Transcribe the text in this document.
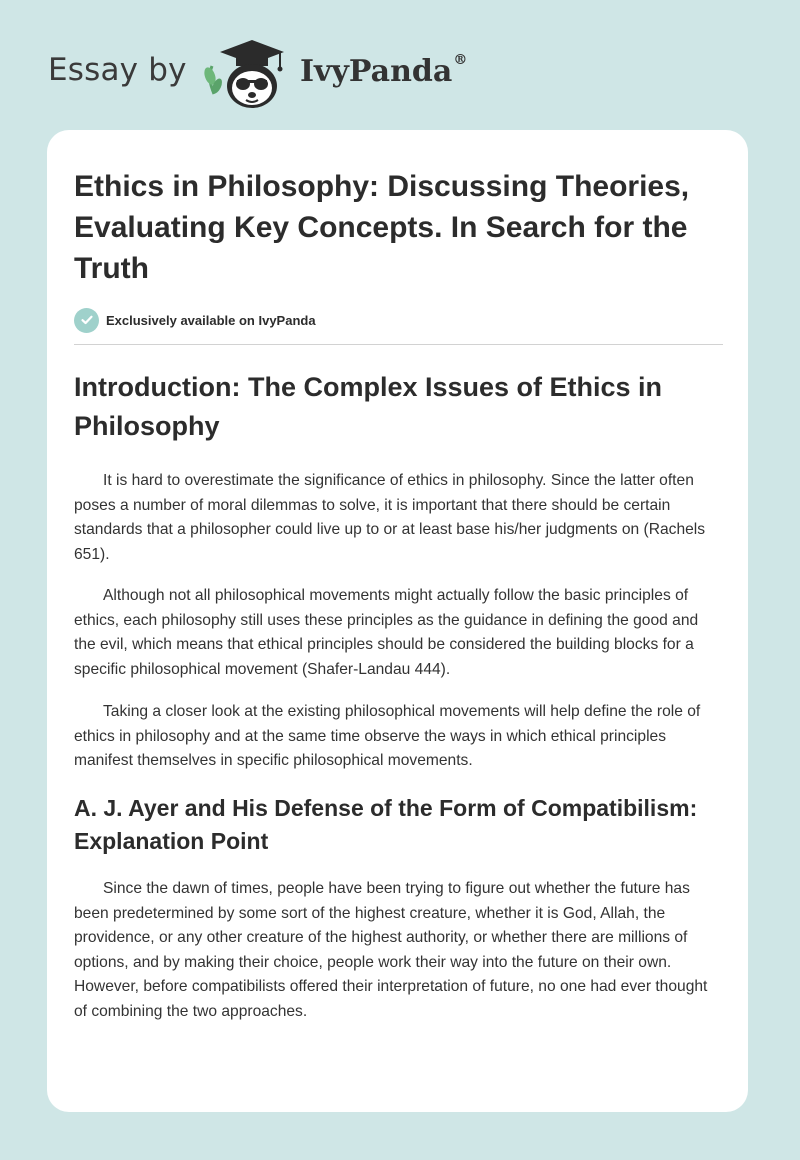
Essay by	IvyPanda®
Ethics in Philosophy: Discussing Theories, Evaluating Key Concepts. In Search for the Truth
Exclusively available on IvyPanda
Introduction: The Complex Issues of Ethics in Philosophy

It is hard to overestimate the significance of ethics in philosophy. Since the latter often poses a number of moral dilemmas to solve, it is important that there should be certain standards that a philosopher could live up to or at least base his/her judgments on (Rachels 651).

Although not all philosophical movements might actually follow the basic principles of ethics, each philosophy still uses these principles as the guidance in defining the good and the evil, which means that ethical principles should be considered the building blocks for a specific philosophical movement (Shafer-Landau 444).

Taking a closer look at the existing philosophical movements will help define the role of ethics in philosophy and at the same time observe the ways in which ethical principles manifest themselves in specific philosophical movements.

A. J. Ayer and His Defense of the Form of Compatibilism: Explanation Point

Since the dawn of times, people have been trying to figure out whether the future has been predetermined by some sort of the highest creature, whether it is God, Allah, the providence, or any other creature of the highest authority, or whether there are millions of options, and by making their choice, people work their way into the future on their own. However, before compatibilists offered their interpretation of future, no one had ever thought of combining the two approaches.
